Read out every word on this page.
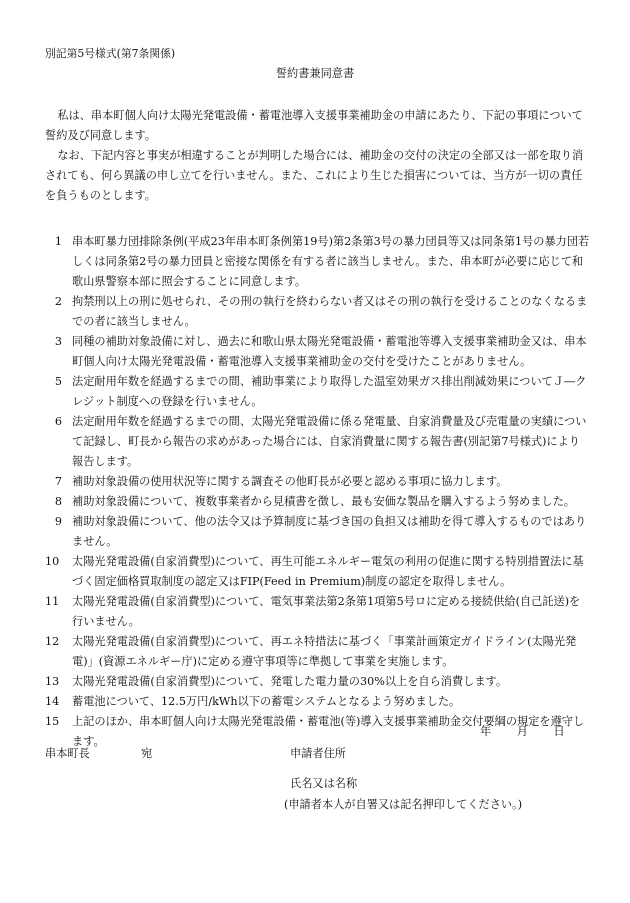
別記第5号様式(第7条関係)
誓約書兼同意書

私は、串本町個人向け太陽光発電設備・蓄電池導入支援事業補助金の申請にあたり、下記の事項について誓約及び同意します。

なお、下記内容と事実が相違することが判明した場合には、補助金の交付の決定の全部又は一部を取り消されても、何ら異議の申し立てを行いません。また、これにより生じた損害については、当方が一切の責任を負うものとします。

1 串本町暴力団排除条例(平成23年串本町条例第19号)第2条第3号の暴力団員等又は同条第1号の暴力団若しくは同条第2号の暴力団員と密接な関係を有する者に該当しません。また、串本町が必要に応じて和歌山県警察本部に照会することに同意します。
2 拘禁刑以上の刑に処せられ、その刑の執行を終わらない者又はその刑の執行を受けることのなくなるまでの者に該当しません。
3 同種の補助対象設備に対し、過去に和歌山県太陽光発電設備・蓄電池等導入支援事業補助金又は、串本町個人向け太陽光発電設備・蓄電池導入支援事業補助金の交付を受けたことがありません。
5 法定耐用年数を経過するまでの間、補助事業により取得した温室効果ガス排出削減効果についてＪ―クレジット制度への登録を行いません。
6 法定耐用年数を経過するまでの間、太陽光発電設備に係る発電量、自家消費量及び売電量の実績について記録し、町長から報告の求めがあった場合には、自家消費量に関する報告書(別記第7号様式)により報告します。
7 補助対象設備の使用状況等に関する調査その他町長が必要と認める事項に協力します。
8 補助対象設備について、複数事業者から見積書を徴し、最も安価な製品を購入するよう努めました。
9 補助対象設備について、他の法令又は予算制度に基づき国の負担又は補助を得て導入するものではありません。
10	太陽光発電設備(自家消費型)について、再生可能エネルギー電気の利用の促進に関する特別措置法に基づく固定価格買取制度の認定又はFIP(Feed in Premium)制度の認定を取得しません。
11	太陽光発電設備(自家消費型)について、電気事業法第2条第1項第5号ロに定める接続供給(自己託送)を行いません。
12	太陽光発電設備(自家消費型)について、再エネ特措法に基づく「事業計画策定ガイドライン(太陽光発電)」(資源エネルギー庁)に定める遵守事項等に準拠して事業を実施します。
13	太陽光発電設備(自家消費型)について、発電した電力量の30%以上を自ら消費します。
14	蓄電池について、12.5万円/kWh以下の蓄電システムとなるよう努めました。
15	上記のほか、串本町個人向け太陽光発電設備・蓄電池(等)導入支援事業補助金交付要綱の規定を遵守します。
年 月 日
串本町長	宛	申請者住所
氏名又は名称
(申請者本人が自署又は記名押印してください。)
